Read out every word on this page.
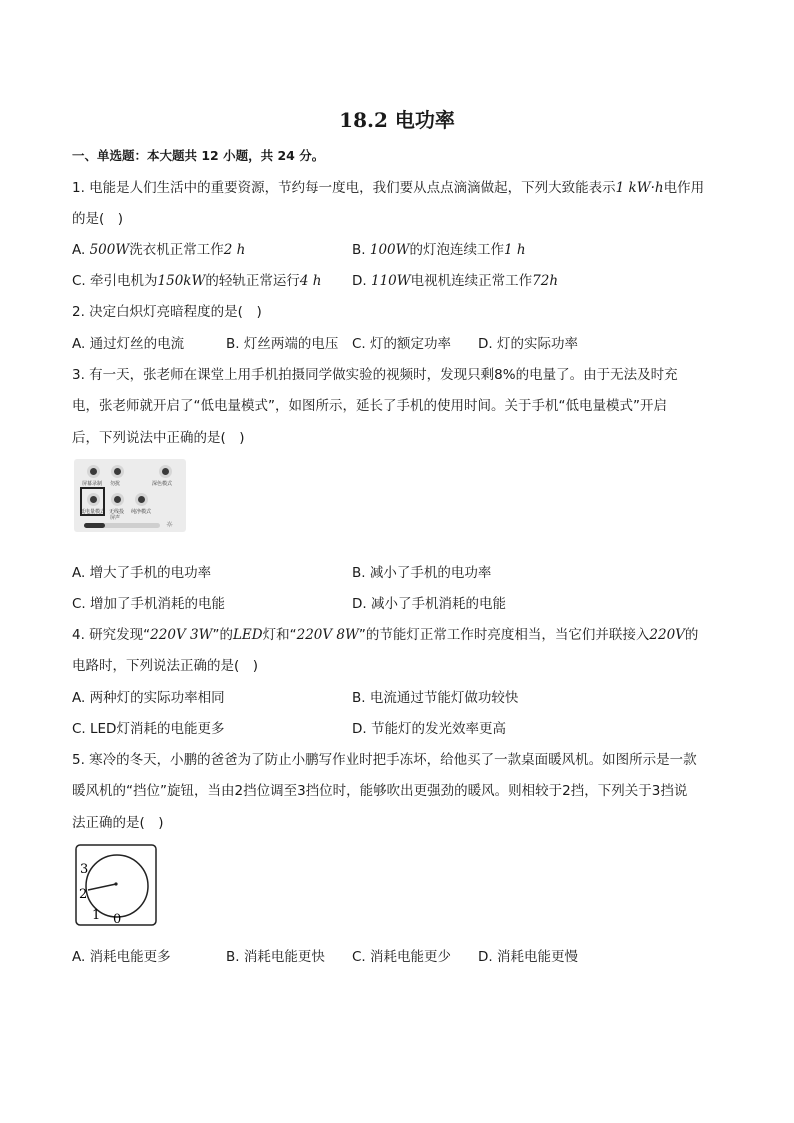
18.2 电功率
一、单选题：本大题共 12 小题，共 24 分。
1. 电能是人们生活中的重要资源，节约每一度电，我们要从点点滴滴做起，下列大致能表示1 kW·h电作用
的是(　)
A. 500W洗衣机正常工作2 h	B. 100W的灯泡连续工作1 h
C. 牵引电机为150kW的轻轨正常运行4 h D. 110W电视机连续正常工作72h
2. 决定白炽灯亮暗程度的是(　)
A. 通过灯丝的电流	B. 灯丝两端的电压 C. 灯的额定功率 D. 灯的实际功率
3. 有一天，张老师在课堂上用手机拍摄同学做实验的视频时，发现只剩8%的电量了。由于无法及时充
电，张老师就开启了“低电量模式”，如图所示，延长了手机的使用时间。关于手机“低电量模式”开启
后，下列说法中正确的是(　)
屏幕录制 勿扰	深色模式
低电量模式 无线投 纯净模式
屏声
☼
A. 增大了手机的电功率	B. 减小了手机的电功率
C. 增加了手机消耗的电能	D. 减小了手机消耗的电能
4. 研究发现“220V 3W”的LED灯和“220V 8W”的节能灯正常工作时亮度相当，当它们并联接入220V的
电路时，下列说法正确的是(　)
A. 两种灯的实际功率相同	B. 电流通过节能灯做功较快
C. LED灯消耗的电能更多	D. 节能灯的发光效率更高
5. 寒冷的冬天，小鹏的爸爸为了防止小鹏写作业时把手冻坏，给他买了一款桌面暖风机。如图所示是一款
暖风机的“挡位”旋钮，当由2挡位调至3挡位时，能够吹出更强劲的暖风。则相较于2挡，下列关于3挡说
法正确的是(　)
3
2
1 0
A. 消耗电能更多	B. 消耗电能更快 C. 消耗电能更少 D. 消耗电能更慢
